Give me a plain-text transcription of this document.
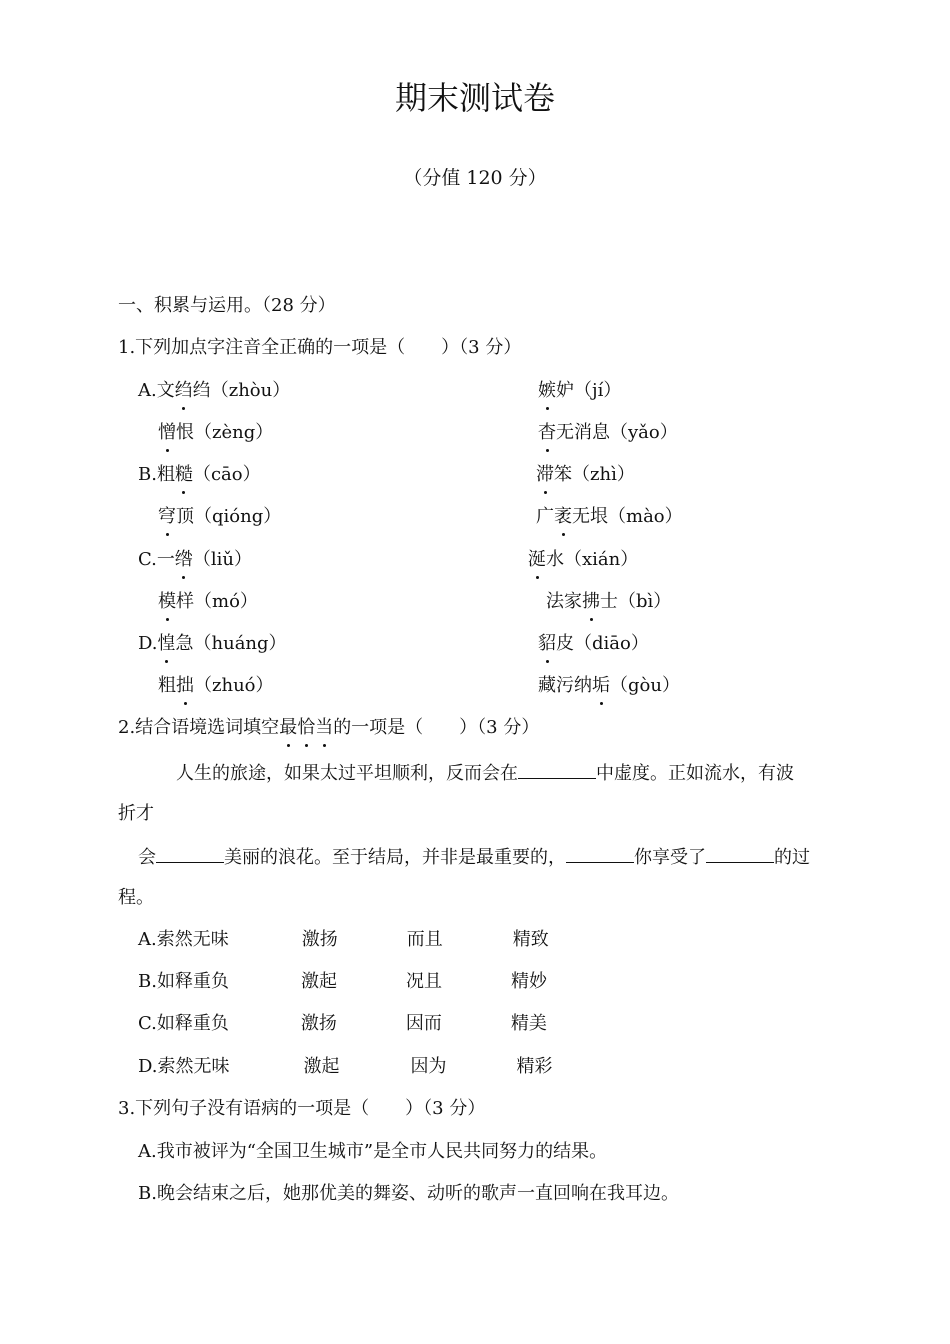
期末测试卷
（分值 120 分）
一、积累与运用。（28 分）
1.下列加点字注音全正确的一项是（　　）（3 分）
A.文绉绉（zhòu）	嫉妒（jí）
憎恨（zèng）	杳无消息（yǎo）
B.粗糙（cāo）	滞笨（zhì）
穹顶（qióng）	广袤无垠（mào）
C.一绺（liǔ）	涎水（xián）
模样（mó）	法家拂士（bì）
D.惶急（huáng）	貂皮（diāo）
粗拙（zhuó）	藏污纳垢（gòu）
2.结合语境选词填空最恰当的一项是（　　）（3 分）
人生的旅途，如果太过平坦顺利，反而会在	中虚度。正如流水，有波
折才
会	美丽的浪花。至于结局，并非是最重要的，	你享受了	的过
程。
A.索然无味	激扬	而且	精致
B.如释重负	激起	况且	精妙
C.如释重负	激扬	因而	精美
D.索然无味	激起	因为	精彩
3.下列句子没有语病的一项是（　　）（3 分）
A.我市被评为“全国卫生城市”是全市人民共同努力的结果。
B.晚会结束之后，她那优美的舞姿、动听的歌声一直回响在我耳边。
